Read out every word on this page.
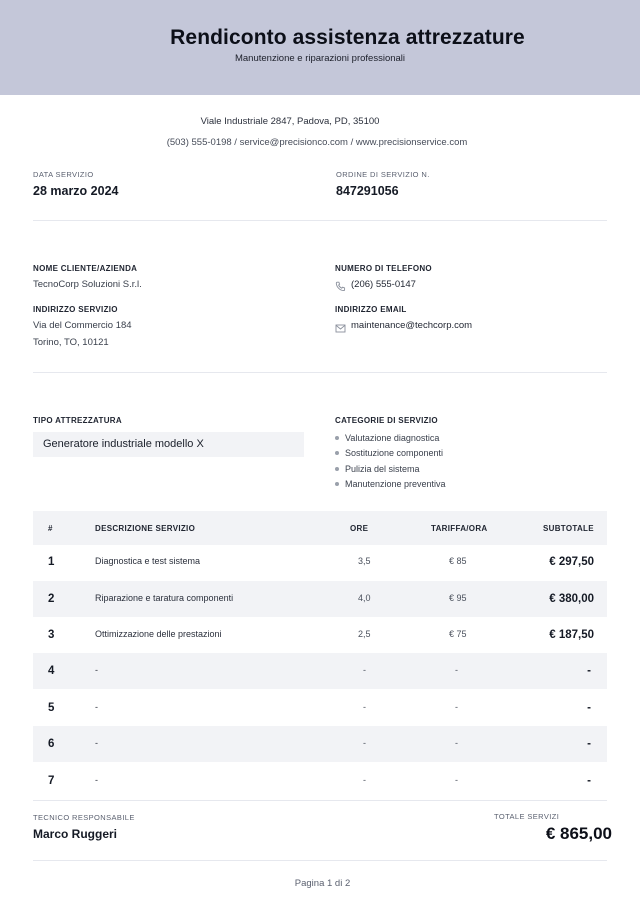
Rendiconto assistenza attrezzature
Manutenzione e riparazioni professionali
Viale Industriale 2847, Padova, PD, 35100
(503) 555-0198 / service@precisionco.com / www.precisionservice.com
DATA SERVIZIO
28 marzo 2024
ORDINE DI SERVIZIO N.
847291056
NOME CLIENTE/AZIENDA
TecnoCorp Soluzioni S.r.l.
INDIRIZZO SERVIZIO
Via del Commercio 184
Torino, TO, 10121
NUMERO DI TELEFONO
(206) 555-0147
INDIRIZZO EMAIL
maintenance@techcorp.com
TIPO ATTREZZATURA
Generatore industriale modello X
CATEGORIE DI SERVIZIO
Valutazione diagnostica
Sostituzione componenti
Pulizia del sistema
Manutenzione preventiva
#	DESCRIZIONE SERVIZIO	ORE	TARIFFA/ORA	SUBTOTALE
1	Diagnostica e test sistema	3,5	€ 85	€ 297,50
2	Riparazione e taratura componenti	4,0	€ 95	€ 380,00
3	Ottimizzazione delle prestazioni	2,5	€ 75	€ 187,50
4	-	-	-	-
5	-	-	-	-
6	-	-	-	-
7	-	-	-	-
TECNICO RESPONSABILE
Marco Ruggeri
TOTALE SERVIZI
€ 865,00
Pagina 1 di 2
